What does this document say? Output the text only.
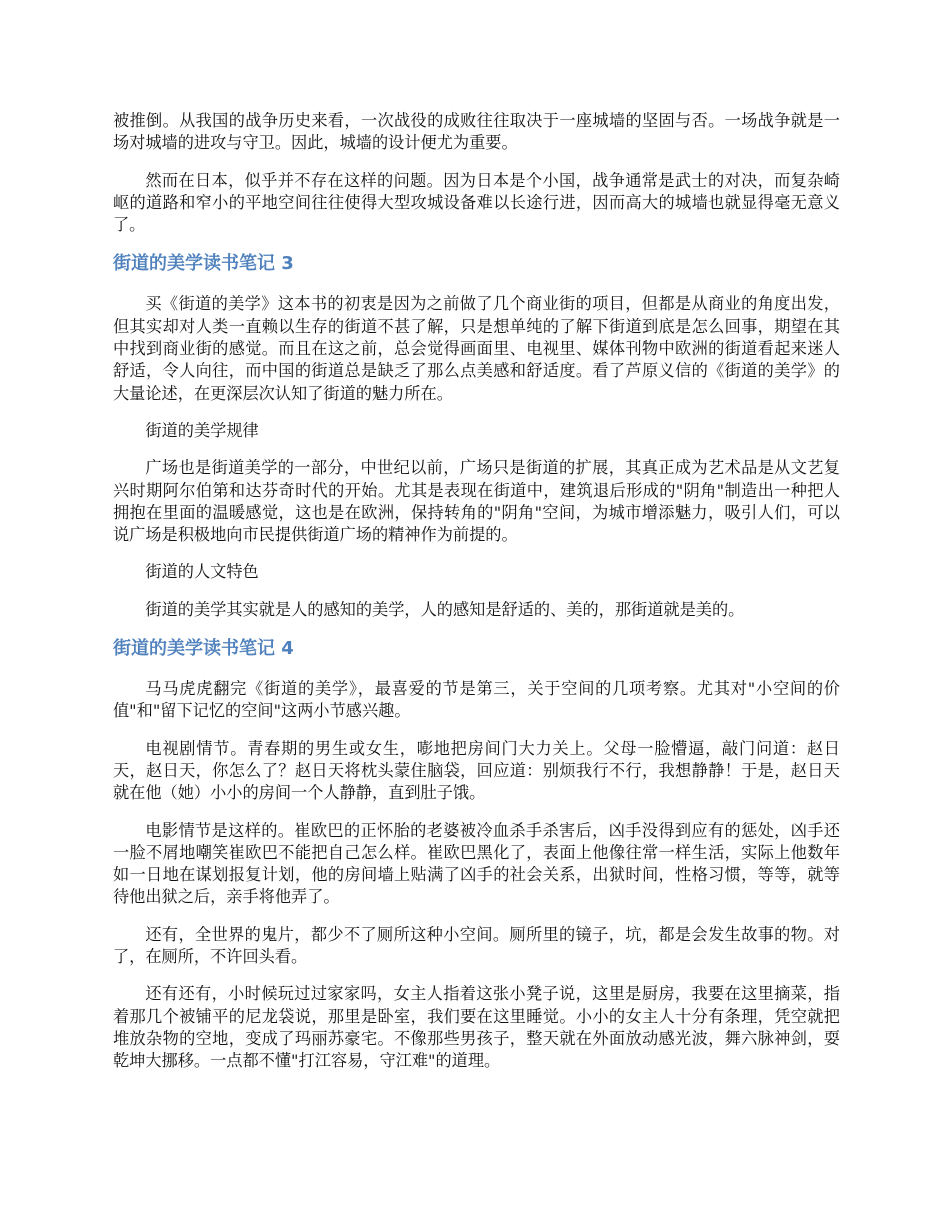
被推倒。从我国的战争历史来看，一次战役的成败往往取决于一座城墙的坚固与否。一场战争就是一场对城墙的进攻与守卫。因此，城墙的设计便尤为重要。

然而在日本，似乎并不存在这样的问题。因为日本是个小国，战争通常是武士的对决，而复杂崎岖的道路和窄小的平地空间往往使得大型攻城设备难以长途行进，因而高大的城墙也就显得毫无意义了。

街道的美学读书笔记 3

买《街道的美学》这本书的初衷是因为之前做了几个商业街的项目，但都是从商业的角度出发，但其实却对人类一直赖以生存的街道不甚了解，只是想单纯的了解下街道到底是怎么回事，期望在其中找到商业街的感觉。而且在这之前，总会觉得画面里、电视里、媒体刊物中欧洲的街道看起来迷人舒适，令人向往，而中国的街道总是缺乏了那么点美感和舒适度。看了芦原义信的《街道的美学》的大量论述，在更深层次认知了街道的魅力所在。

街道的美学规律

广场也是街道美学的一部分，中世纪以前，广场只是街道的扩展，其真正成为艺术品是从文艺复兴时期阿尔伯第和达芬奇时代的开始。尤其是表现在街道中，建筑退后形成的"阴角"制造出一种把人拥抱在里面的温暖感觉，这也是在欧洲，保持转角的"阴角"空间，为城市增添魅力，吸引人们，可以说广场是积极地向市民提供街道广场的精神作为前提的。

街道的人文特色

街道的美学其实就是人的感知的美学，人的感知是舒适的、美的，那街道就是美的。

街道的美学读书笔记 4

马马虎虎翻完《街道的美学》，最喜爱的节是第三，关于空间的几项考察。尤其对"小空间的价值"和"留下记忆的空间"这两小节感兴趣。

电视剧情节。青春期的男生或女生，嘭地把房间门大力关上。父母一脸懵逼，敲门问道：赵日天，赵日天，你怎么了？赵日天将枕头蒙住脑袋，回应道：别烦我行不行，我想静静！于是，赵日天就在他（她）小小的房间一个人静静，直到肚子饿。

电影情节是这样的。崔欧巴的正怀胎的老婆被冷血杀手杀害后，凶手没得到应有的惩处，凶手还一脸不屑地嘲笑崔欧巴不能把自己怎么样。崔欧巴黑化了，表面上他像往常一样生活，实际上他数年如一日地在谋划报复计划，他的房间墙上贴满了凶手的社会关系，出狱时间，性格习惯，等等，就等待他出狱之后，亲手将他弄了。

还有，全世界的鬼片，都少不了厕所这种小空间。厕所里的镜子，坑，都是会发生故事的物。对了，在厕所，不许回头看。

还有还有，小时候玩过过家家吗，女主人指着这张小凳子说，这里是厨房，我要在这里摘菜，指着那几个被铺平的尼龙袋说，那里是卧室，我们要在这里睡觉。小小的女主人十分有条理，凭空就把堆放杂物的空地，变成了玛丽苏豪宅。不像那些男孩子，整天就在外面放动感光波，舞六脉神剑，耍乾坤大挪移。一点都不懂"打江容易，守江难"的道理。
